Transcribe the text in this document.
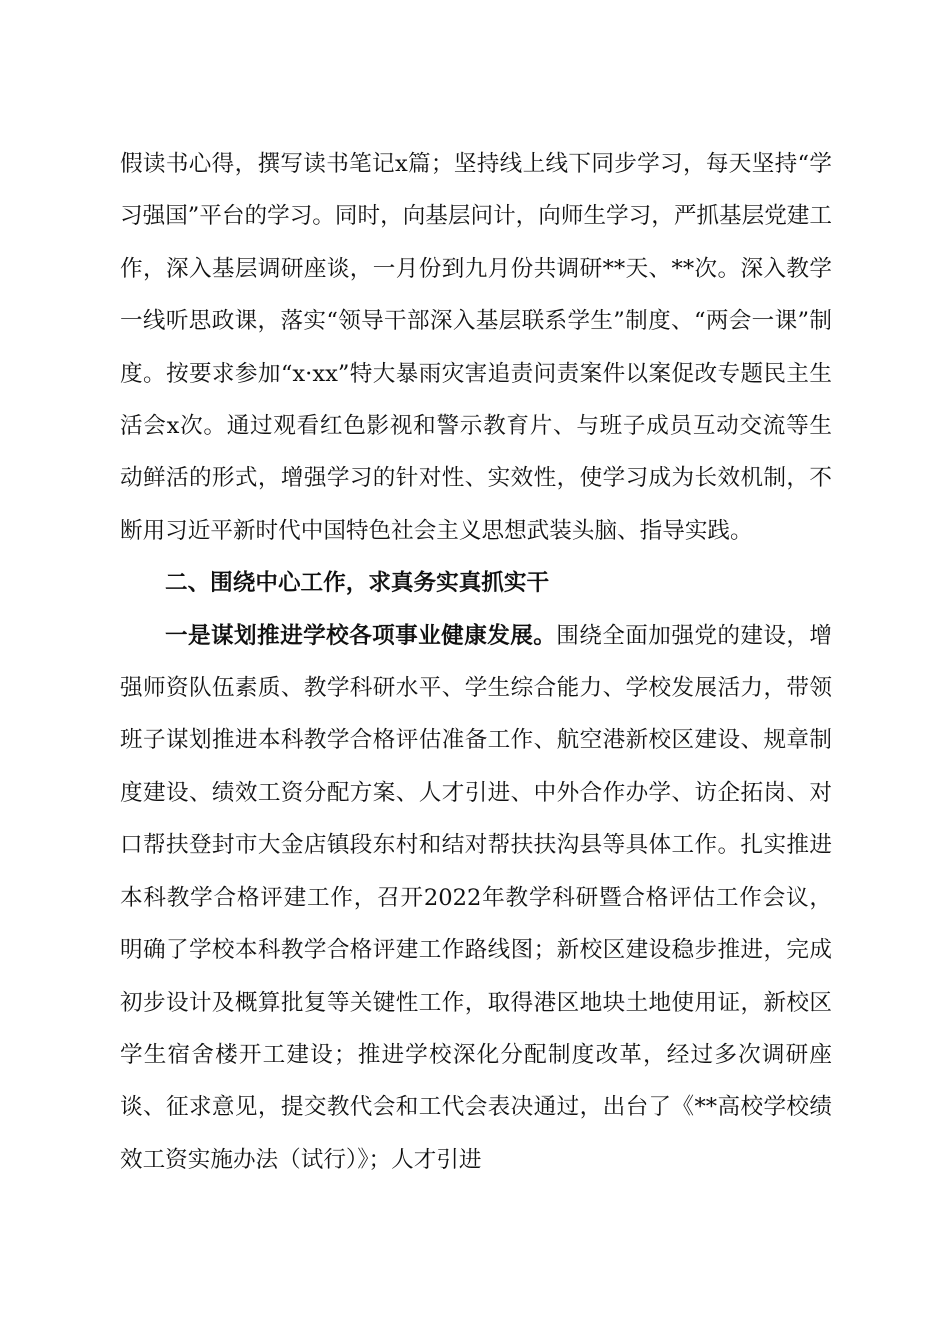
假读书心得，撰写读书笔记x篇；坚持线上线下同步学习，每天坚持“学习强国”平台的学习。同时，向基层问计，向师生学习，严抓基层党建工作，深入基层调研座谈，一月份到九月份共调研**天、**次。深入教学一线听思政课，落实“领导干部深入基层联系学生”制度、“两会一课”制度。按要求参加“x·xx”特大暴雨灾害追责问责案件以案促改专题民主生活会x次。通过观看红色影视和警示教育片、与班子成员互动交流等生动鲜活的形式，增强学习的针对性、实效性，使学习成为长效机制，不断用习近平新时代中国特色社会主义思想武装头脑、指导实践。

二、围绕中心工作，求真务实真抓实干

一是谋划推进学校各项事业健康发展。围绕全面加强党的建设，增强师资队伍素质、教学科研水平、学生综合能力、学校发展活力，带领班子谋划推进本科教学合格评估准备工作、航空港新校区建设、规章制度建设、绩效工资分配方案、人才引进、中外合作办学、访企拓岗、对口帮扶登封市大金店镇段东村和结对帮扶扶沟县等具体工作。扎实推进本科教学合格评建工作，召开2022年教学科研暨合格评估工作会议，明确了学校本科教学合格评建工作路线图；新校区建设稳步推进，完成初步设计及概算批复等关键性工作，取得港区地块土地使用证，新校区学生宿舍楼开工建设；推进学校深化分配制度改革，经过多次调研座谈、征求意见，提交教代会和工代会表决通过，出台了《**高校学校绩效工资实施办法（试行）》；人才引进
